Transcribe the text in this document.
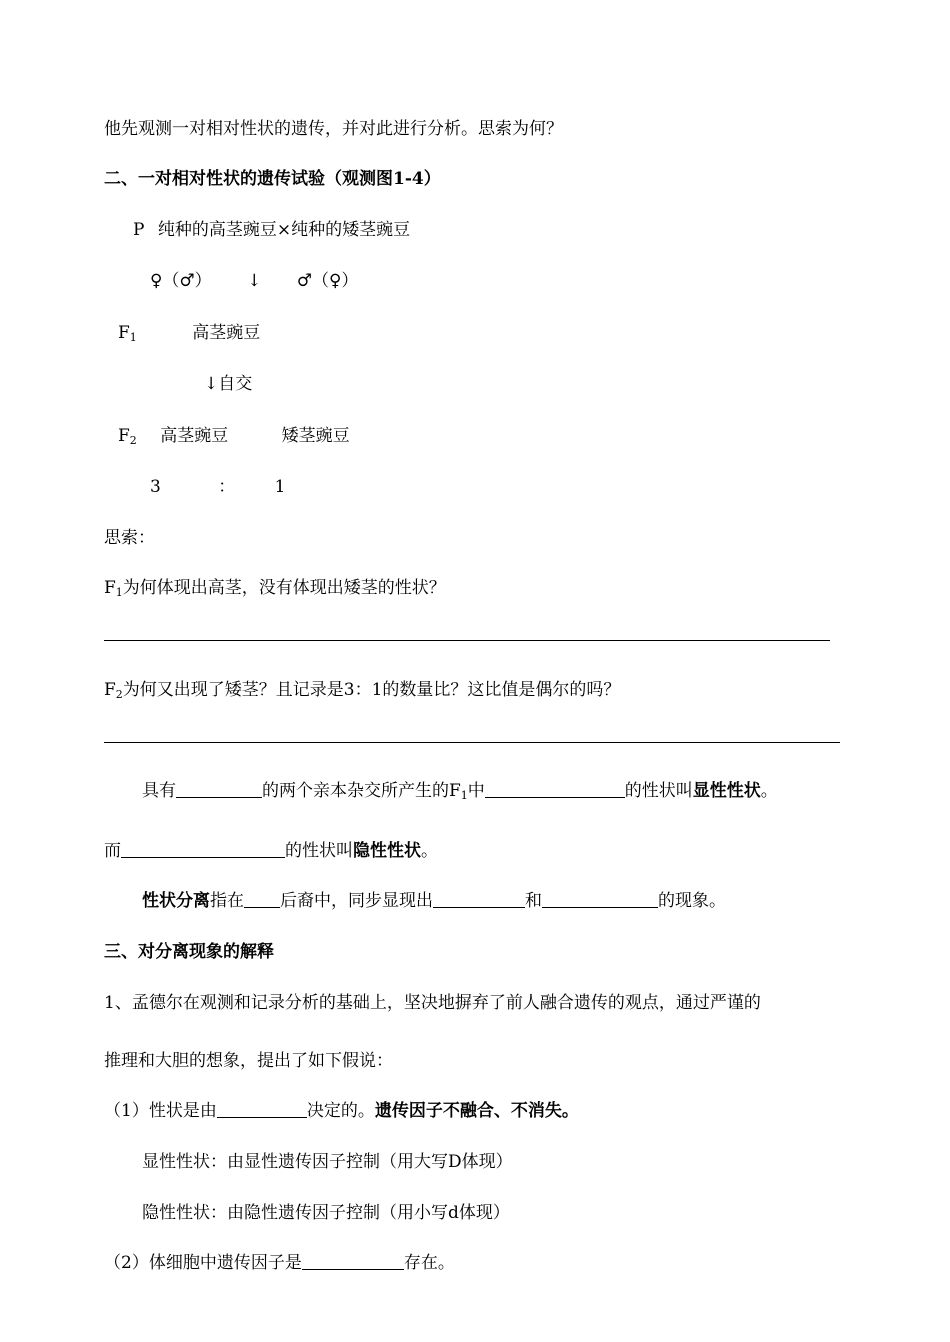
他先观测一对相对性状的遗传，并对此进行分析。思索为何？
二、一对相对性状的遗传试验（观测图1-4）
P 纯种的高茎豌豆×纯种的矮茎豌豆
♀（♂） ↓ ♂（♀）
$F_1$	高茎豌豆
↓自交
$F_2$ 高茎豌豆	矮茎豌豆
3	： 1
思索：
$F_1$为何体现出高茎，没有体现出矮茎的性状？
$F_2$为何又出现了矮茎？且记录是3：1的数量比？这比值是偶尔的吗？
具有	的两个亲本杂交所产生的$F_1$中	的性状叫显性性状。
而	的性状叫隐性性状。
性状分离指在 后裔中，同步显现出	和	的现象。
三、对分离现象的解释
1、孟德尔在观测和记录分析的基础上，坚决地摒弃了前人融合遗传的观点，通过严谨的
推理和大胆的想象，提出了如下假说：
（1）性状是由	决定的。遗传因子不融合、不消失。
显性性状：由显性遗传因子控制（用大写D体现）
隐性性状：由隐性遗传因子控制（用小写d体现）
（2）体细胞中遗传因子是	存在。
